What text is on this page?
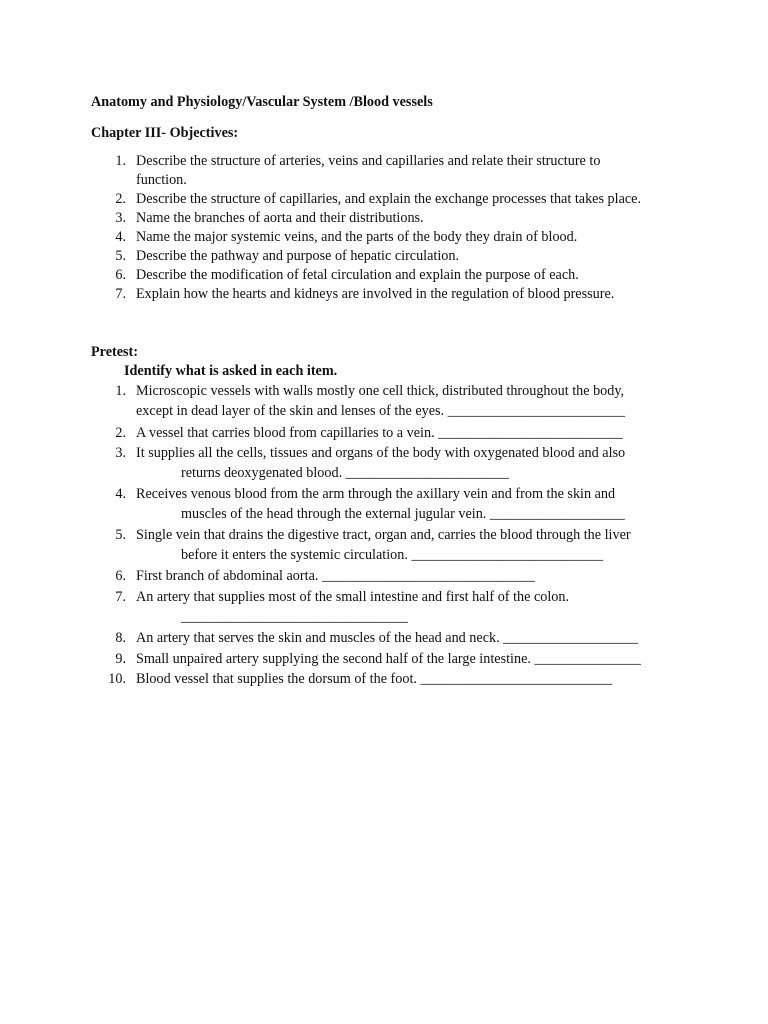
Anatomy and Physiology/Vascular System /Blood vessels
Chapter III- Objectives:
1. Describe the structure of arteries, veins and capillaries and relate their structure to
function.
2. Describe the structure of capillaries, and explain the exchange processes that takes place.
3. Name the branches of aorta and their distributions.
4. Name the major systemic veins, and the parts of the body they drain of blood.
5. Describe the pathway and purpose of hepatic circulation.
6. Describe the modification of fetal circulation and explain the purpose of each.
7. Explain how the hearts and kidneys are involved in the regulation of blood pressure.
Pretest:
Identify what is asked in each item.
1. Microscopic vessels with walls mostly one cell thick, distributed throughout the body,
except in dead layer of the skin and lenses of the eyes. _________________________
2. A vessel that carries blood from capillaries to a vein. __________________________
3. It supplies all the cells, tissues and organs of the body with oxygenated blood and also
returns deoxygenated blood. _______________________
4. Receives venous blood from the arm through the axillary vein and from the skin and
muscles of the head through the external jugular vein. ___________________
5. Single vein that drains the digestive tract, organ and, carries the blood through the liver
before it enters the systemic circulation. ___________________________
6. First branch of abdominal aorta. ______________________________
7. An artery that supplies most of the small intestine and first half of the colon.
________________________________
8. An artery that serves the skin and muscles of the head and neck. ___________________
9. Small unpaired artery supplying the second half of the large intestine. _______________
10. Blood vessel that supplies the dorsum of the foot. ___________________________
